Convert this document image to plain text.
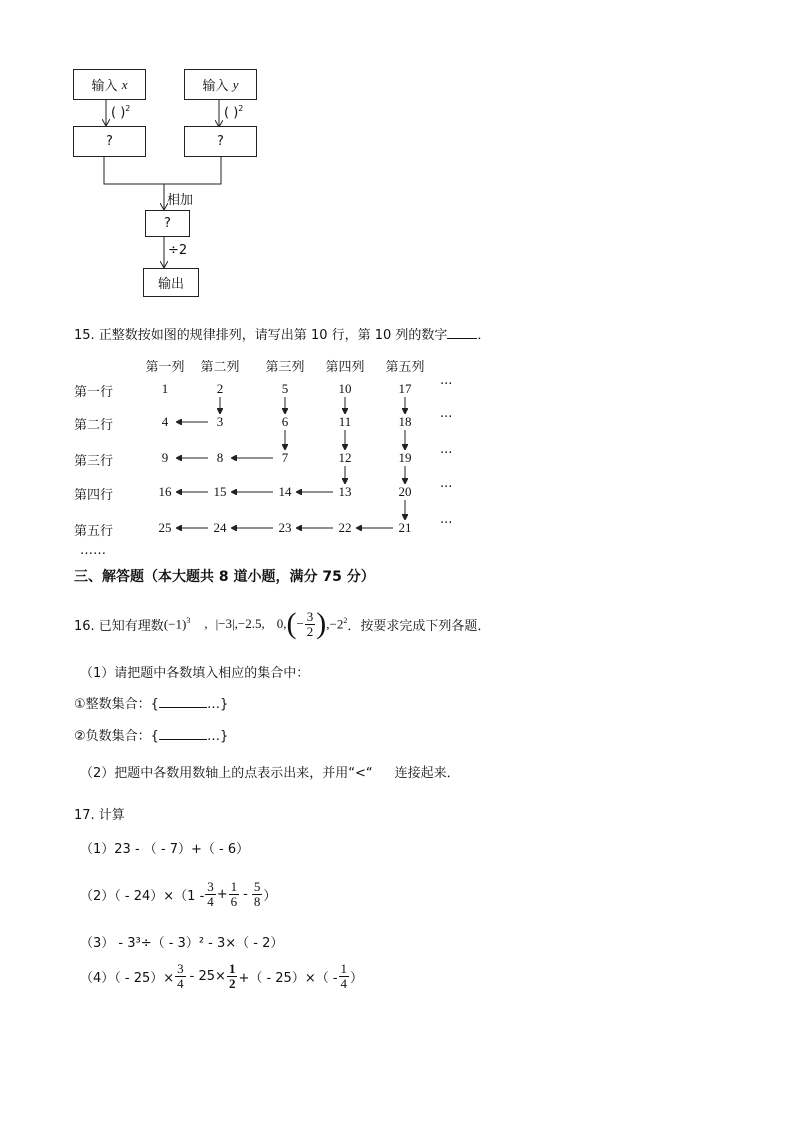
输入
x	输入
y
( )$^2$	( )$^2$
?	?
相加
?
÷2
输出
15. 正整数按如图的规律排列，请写出第 10 行，第 10 列的数字 ．
第一列 第二列 第三列 第四列 第五列
第一行
第二行
第三行
第四行
第五行
1	2	5	10	17
4	3	6	11	18
9	8	7	12	19
16	15	14	13	20
25	24	23	22	21
···
···
···
···
···
……
三、解答题（本大题共 8 道小题，满分 75 分）
16. 已知有理数 $(-1)^3$ , |−3| ,−2.5, 0, ( − $\frac{3}{2}$ ) $,-2^2$ ．按要求完成下列各题．
（1）请把题中各数填入相应的集合中：
①整数集合：{	…}
②负数集合：{	…}
（2）把题中各数用数轴上的点表示出来，并用“<“ 连接起来．
17. 计算
（1）23 - （ - 7）+（ - 6）
$(2)( - 24)\times(1 - \frac{3}{4} + \frac{1}{6} - \frac{5}{8}$ ）
（3） - 3³÷（ - 3）² - 3×（ - 2）
$(4)( - 25)\times \frac{3}{4} - 25\times \frac{1}{2}$ +（ - $25)\times( - \frac{1}{4}$ ）
